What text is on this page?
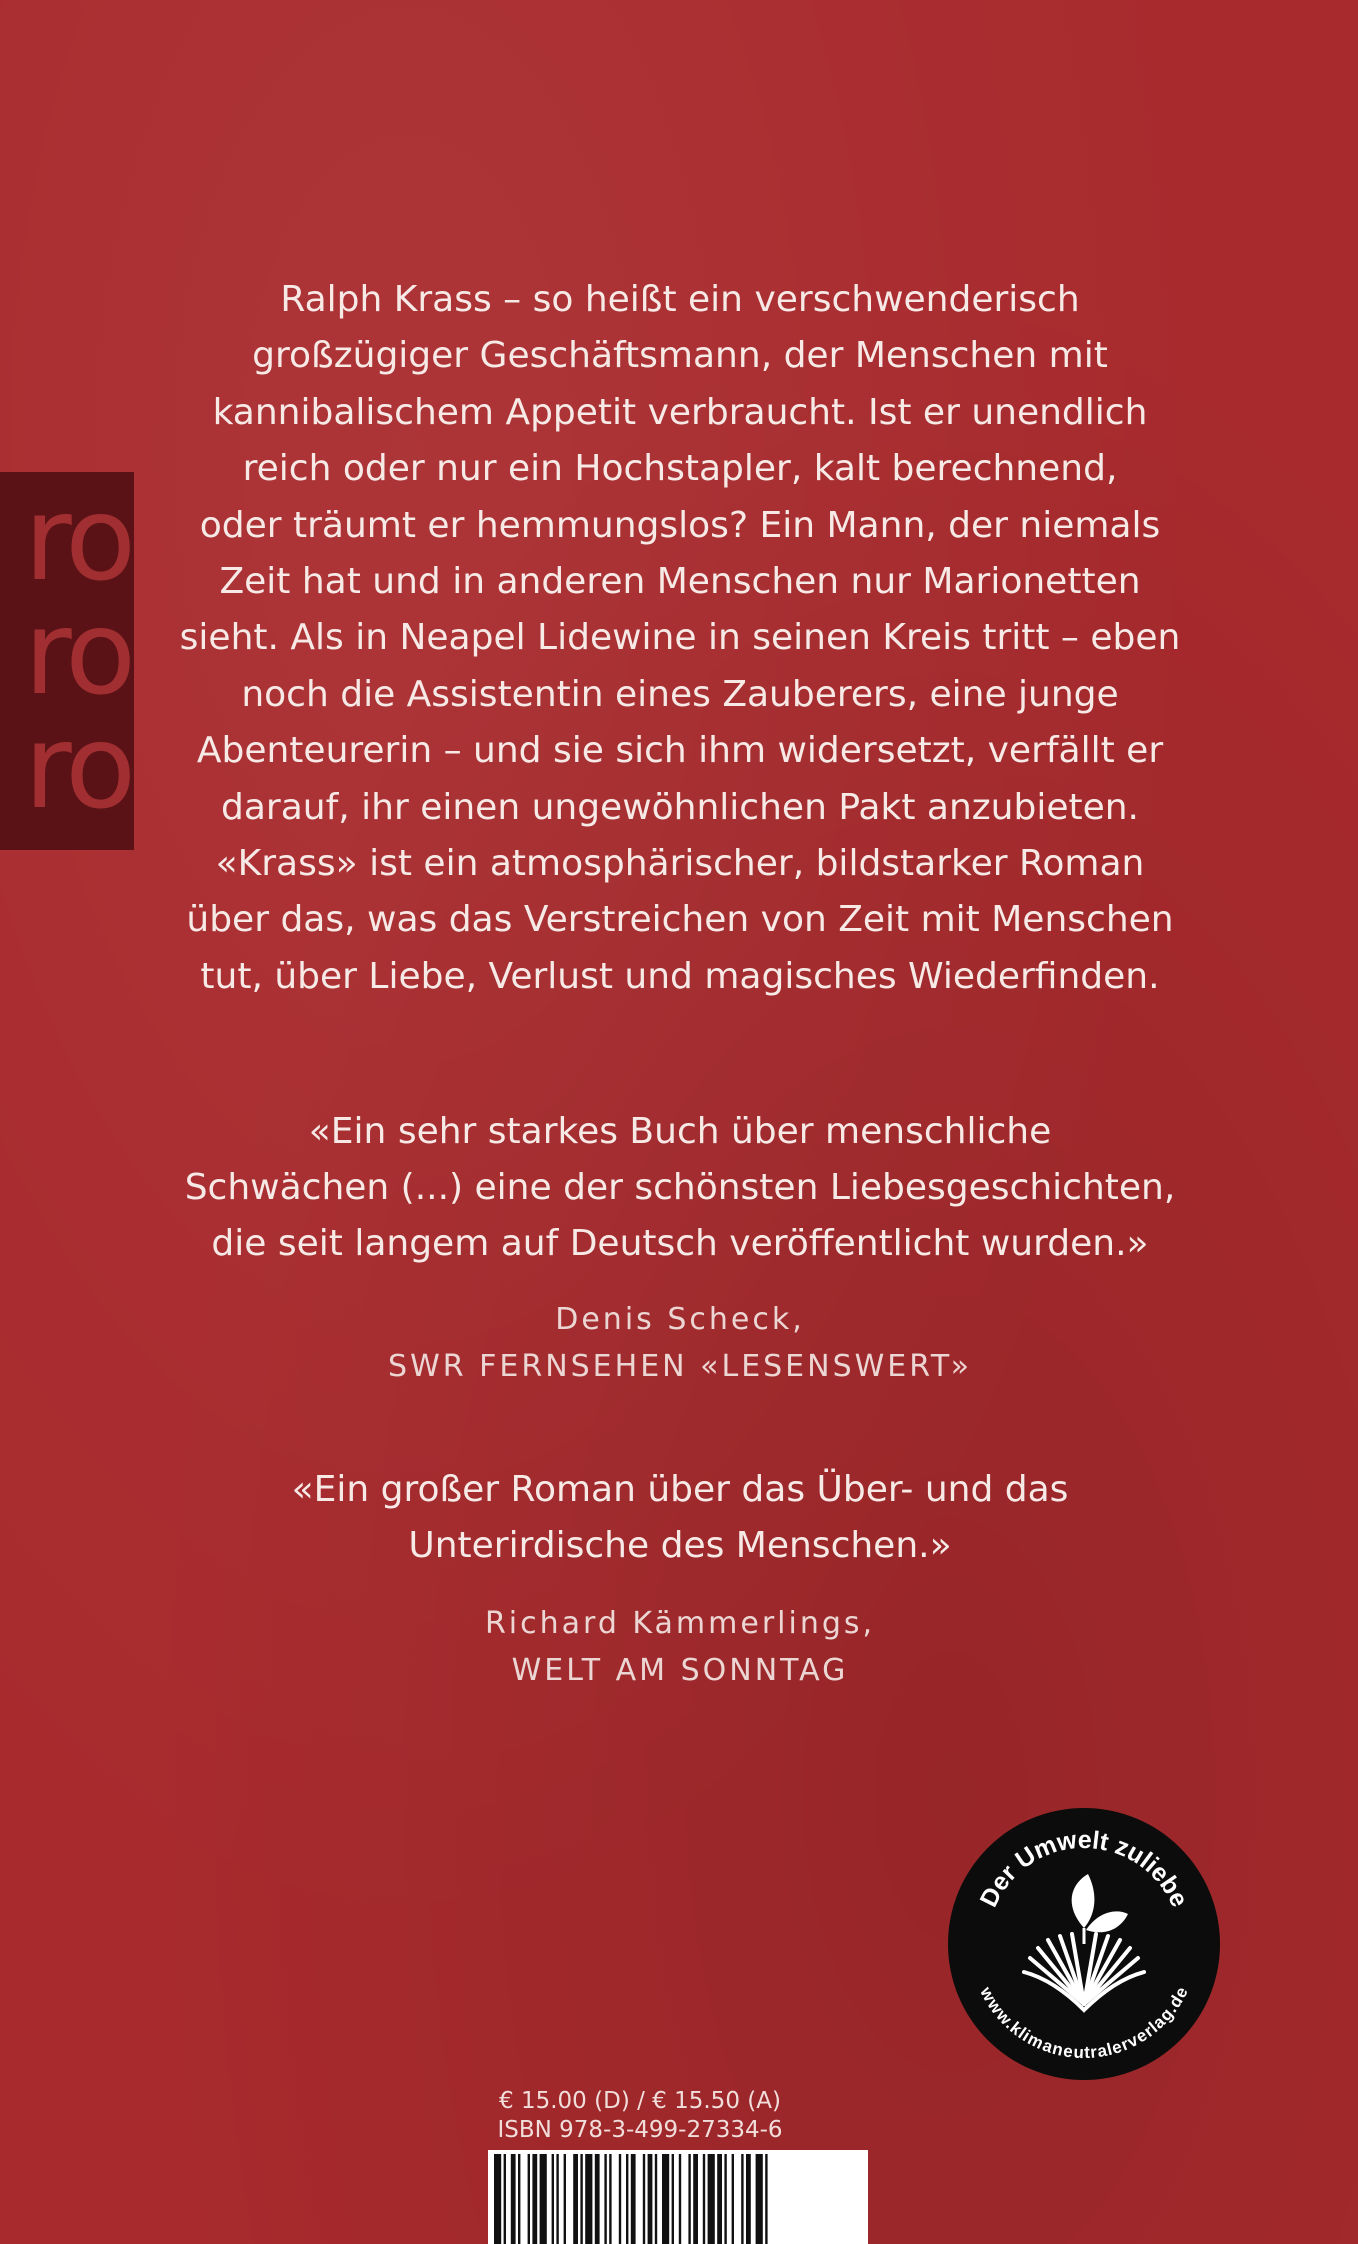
ro
ro
ro

Ralph Krass – so heißt ein verschwenderisch

großzügiger Geschäftsmann, der Menschen mit

kannibalischem Appetit verbraucht. Ist er unendlich

reich oder nur ein Hochstapler, kalt berechnend,

oder träumt er hemmungslos? Ein Mann, der niemals

Zeit hat und in anderen Menschen nur Marionetten

sieht. Als in Neapel Lidewine in seinen Kreis tritt – eben

noch die Assistentin eines Zauberers, eine junge

Abenteurerin – und sie sich ihm widersetzt, verfällt er

darauf, ihr einen ungewöhnlichen Pakt anzubieten.

«Krass» ist ein atmosphärischer, bildstarker Roman

über das, was das Verstreichen von Zeit mit Menschen

tut, über Liebe, Verlust und magisches Wiederfinden.

«Ein sehr starkes Buch über menschliche
Schwächen (...) eine der schönsten Liebesgeschichten,
die seit langem auf Deutsch veröffentlicht wurden.»
Denis Scheck,
SWR FERNSEHEN «LESENSWERT»
«Ein großer Roman über das Über- und das
Unterirdische des Menschen.»
Richard Kämmerlings,
WELT AM SONNTAG
Der Umwelt zuliebe
www.klimaneutralerverlag.de
€ 15.00 (D) / € 15.50 (A)
ISBN 978-3-499-27334-6
